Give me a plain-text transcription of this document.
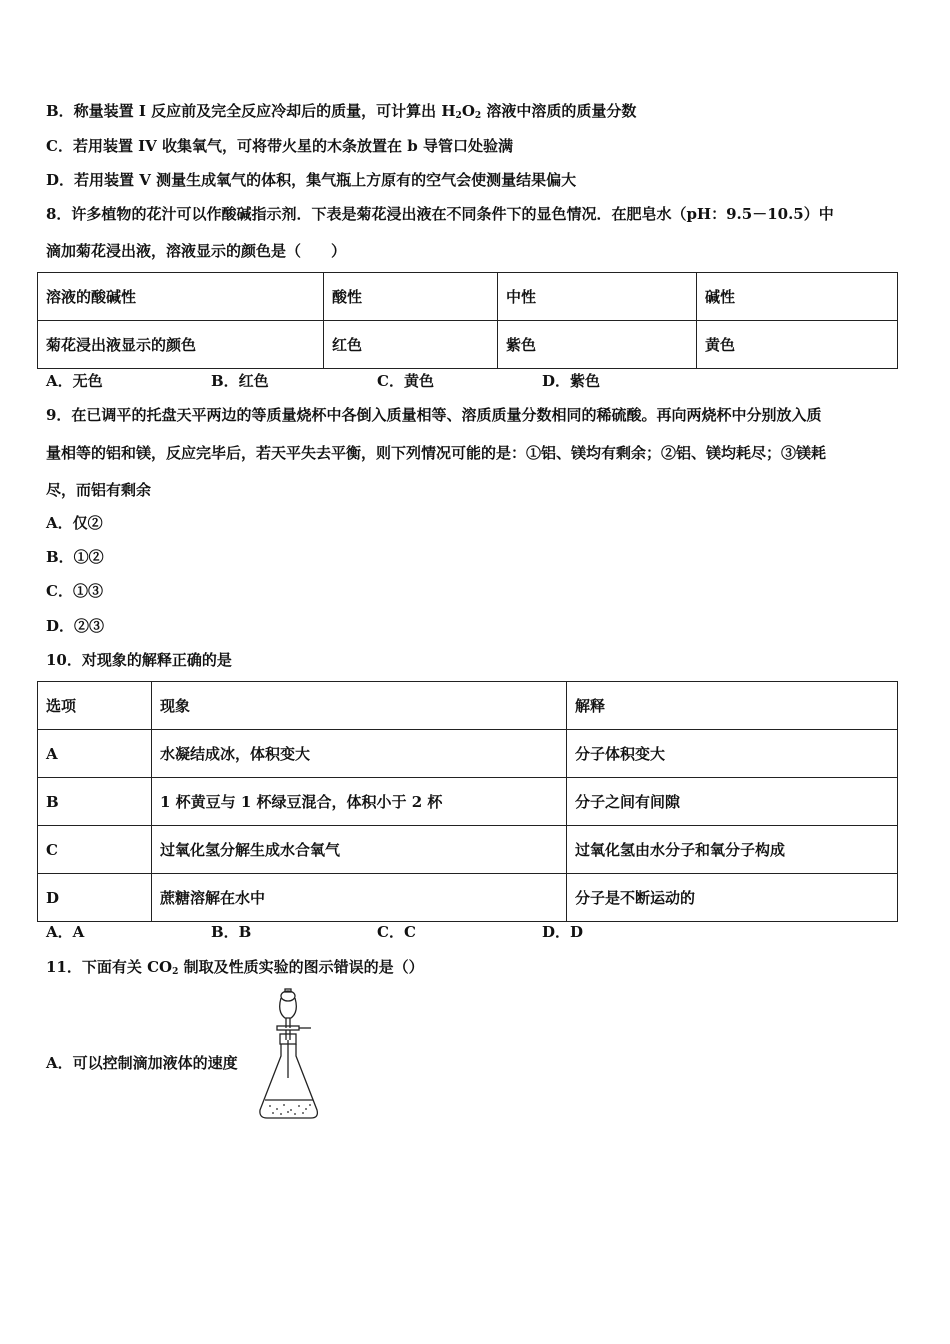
B．称量装置 I 反应前及完全反应冷却后的质量，可计算出 $H_2O_2$ 溶液中溶质的质量分数
C．若用装置 IV 收集氧气，可将带火星的木条放置在 b 导管口处验满
D．若用装置 V 测量生成氧气的体积，集气瓶上方原有的空气会使测量结果偏大
8．许多植物的花汁可以作酸碱指示剂．下表是菊花浸出液在不同条件下的显色情况．在肥皂水（pH：9.5－10.5）中
滴加菊花浸出液，溶液显示的颜色是（　　）
溶液的酸碱性	酸性	中性	碱性
菊花浸出液显示的颜色	红色	紫色	黄色
A．无色	B．红色	C．黄色	D．紫色
9．在已调平的托盘天平两边的等质量烧杯中各倒入质量相等、溶质质量分数相同的稀硫酸。再向两烧杯中分别放入质
量相等的铝和镁，反应完毕后，若天平失去平衡，则下列情况可能的是：①铝、镁均有剩余；②铝、镁均耗尽；③镁耗
尽，而铝有剩余
A．仅②
B．①②
C．①③
D．②③
10．对现象的解释正确的是
选项	现象	解释
A	水凝结成冰，体积变大	分子体积变大
B	1 杯黄豆与 1 杯绿豆混合，体积小于 2 杯	分子之间有间隙
C	过氧化氢分解生成水合氧气	过氧化氢由水分子和氧分子构成
D	蔗糖溶解在水中	分子是不断运动的
A．A	B．B	C．C	D．D
11．下面有关 $CO_2$ 制取及性质实验的图示错误的是（）
A．可以控制滴加液体的速度
